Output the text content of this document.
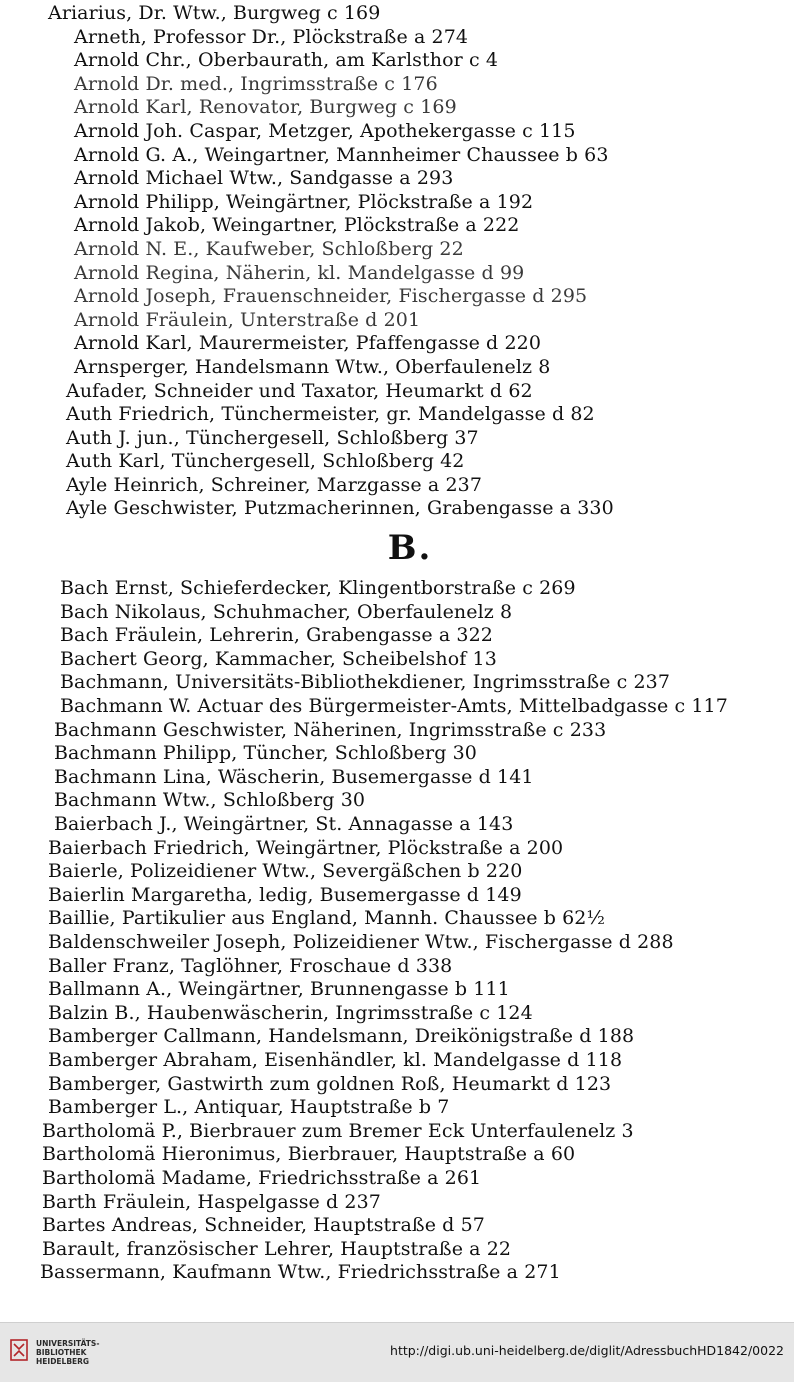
Ariarius, Dr. Wtw., Burgweg c 169
Arneth, Professor Dr., Plöckstraße a 274
Arnold Chr., Oberbaurath, am Karlsthor c 4
Arnold Dr. med., Ingrimsstraße c 176
Arnold Karl, Renovator, Burgweg c 169
Arnold Joh. Caspar, Metzger, Apothekergasse c 115
Arnold G. A., Weingartner, Mannheimer Chaussee b 63
Arnold Michael Wtw., Sandgasse a 293
Arnold Philipp, Weingärtner, Plöckstraße a 192
Arnold Jakob, Weingartner, Plöckstraße a 222
Arnold N. E., Kaufweber, Schloßberg 22
Arnold Regina, Näherin, kl. Mandelgasse d 99
Arnold Joseph, Frauenschneider, Fischergasse d 295
Arnold Fräulein, Unterstraße d 201
Arnold Karl, Maurermeister, Pfaffengasse d 220
Arnsperger, Handelsmann Wtw., Oberfaulenelz 8
Aufader, Schneider und Taxator, Heumarkt d 62
Auth Friedrich, Tünchermeister, gr. Mandelgasse d 82
Auth J. jun., Tünchergesell, Schloßberg 37
Auth Karl, Tünchergesell, Schloßberg 42
Ayle Heinrich, Schreiner, Marzgasse a 237
Ayle Geschwister, Putzmacherinnen, Grabengasse a 330
B.
Bach Ernst, Schieferdecker, Klingentborstraße c 269
Bach Nikolaus, Schuhmacher, Oberfaulenelz 8
Bach Fräulein, Lehrerin, Grabengasse a 322
Bachert Georg, Kammacher, Scheibelshof 13
Bachmann, Universitäts-Bibliothekdiener, Ingrimsstraße c 237
Bachmann W. Actuar des Bürgermeister-Amts, Mittelbadgasse c 117
Bachmann Geschwister, Näherinen, Ingrimsstraße c 233
Bachmann Philipp, Tüncher, Schloßberg 30
Bachmann Lina, Wäscherin, Busemergasse d 141
Bachmann Wtw., Schloßberg 30
Baierbach J., Weingärtner, St. Annagasse a 143
Baierbach Friedrich, Weingärtner, Plöckstraße a 200
Baierle, Polizeidiener Wtw., Severgäßchen b 220
Baierlin Margaretha, ledig, Busemergasse d 149
Baillie, Partikulier aus England, Mannh. Chaussee b 62½
Baldenschweiler Joseph, Polizeidiener Wtw., Fischergasse d 288
Baller Franz, Taglöhner, Froschaue d 338
Ballmann A., Weingärtner, Brunnengasse b 111
Balzin B., Haubenwäscherin, Ingrimsstraße c 124
Bamberger Callmann, Handelsmann, Dreikönigstraße d 188
Bamberger Abraham, Eisenhändler, kl. Mandelgasse d 118
Bamberger, Gastwirth zum goldnen Roß, Heumarkt d 123
Bamberger L., Antiquar, Hauptstraße b 7
Bartholomä P., Bierbrauer zum Bremer Eck Unterfaulenelz 3
Bartholomä Hieronimus, Bierbrauer, Hauptstraße a 60
Bartholomä Madame, Friedrichsstraße a 261
Barth Fräulein, Haspelgasse d 237
Bartes Andreas, Schneider, Hauptstraße d 57
Barault, französischer Lehrer, Hauptstraße a 22
Bassermann, Kaufmann Wtw., Friedrichsstraße a 271
UNIVERSITÄTS-
BIBLIOTHEK
HEIDELBERG
http://digi.ub.uni-heidelberg.de/diglit/AdressbuchHD1842/0022
